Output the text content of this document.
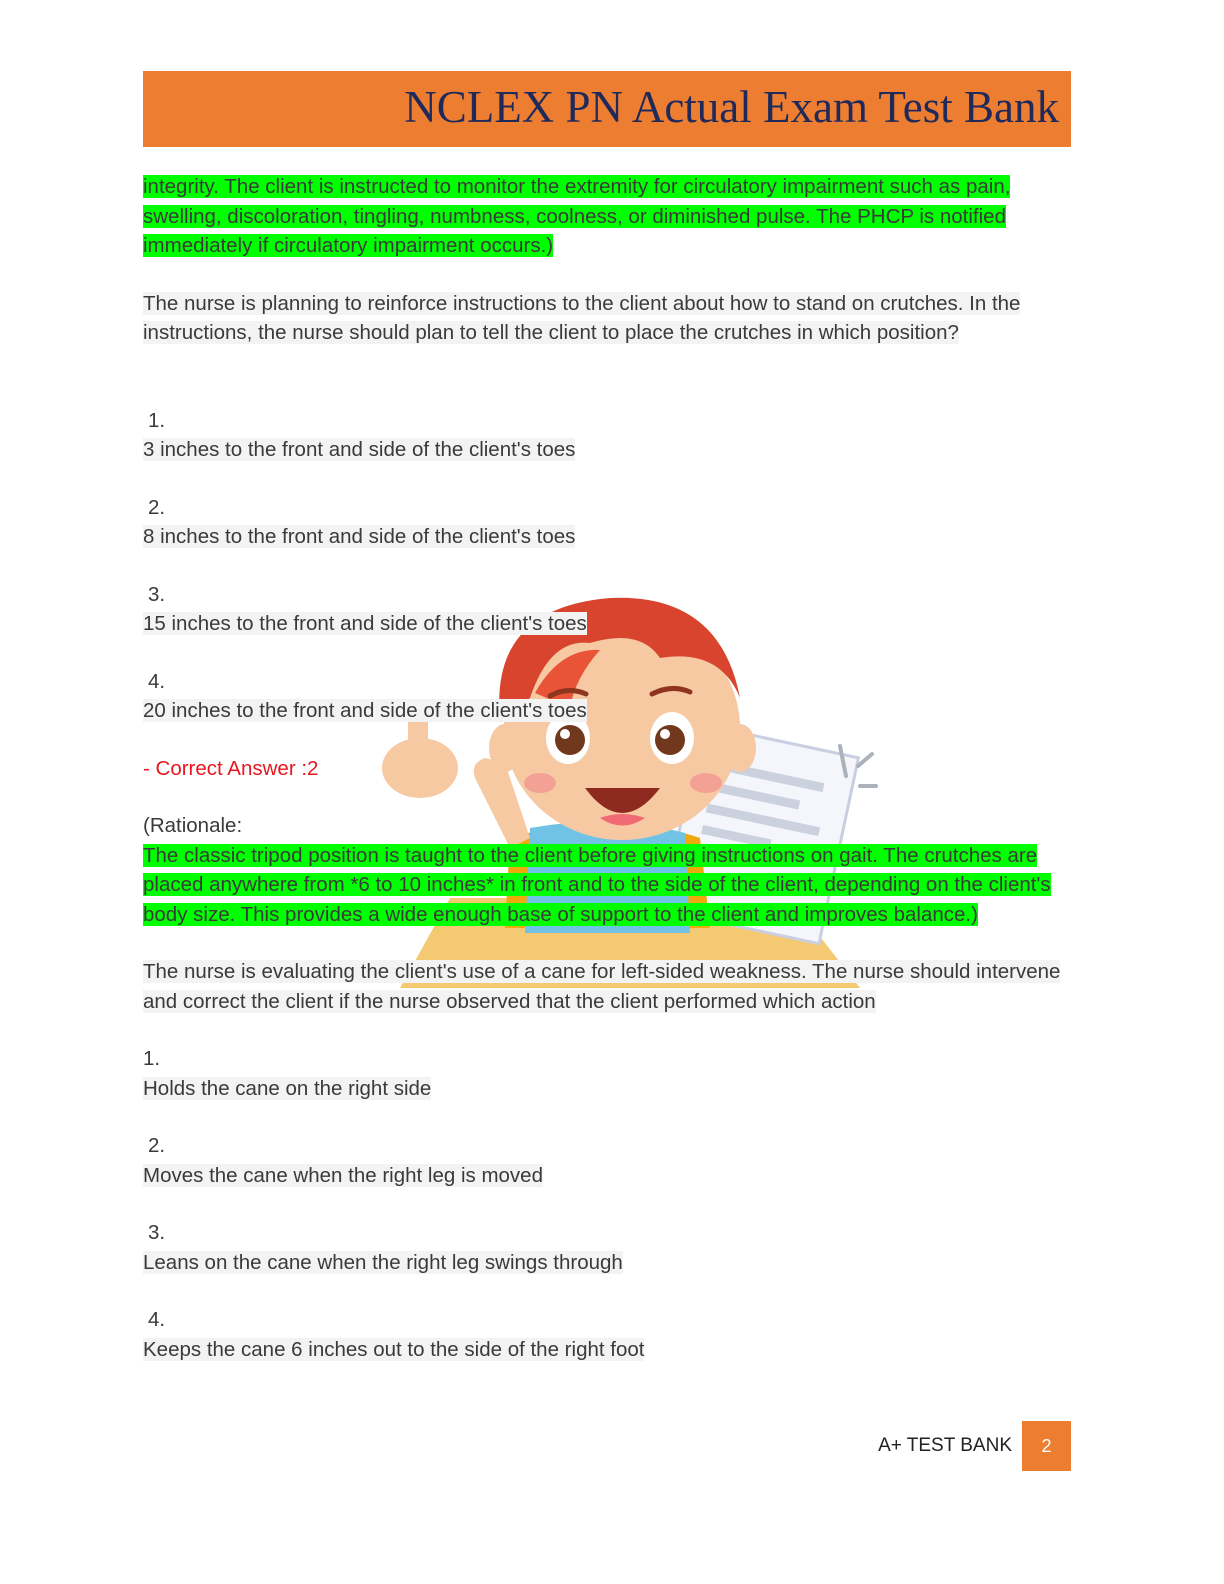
NCLEX PN Actual Exam Test Bank

integrity. The client is instructed to monitor the extremity for circulatory impairment such as pain, swelling, discoloration, tingling, numbness, coolness, or diminished pulse. The PHCP is notified immediately if circulatory impairment occurs.)

The nurse is planning to reinforce instructions to the client about how to stand on crutches. In the instructions, the nurse should plan to tell the client to place the crutches in which position?

1.

3 inches to the front and side of the client's toes

2.

8 inches to the front and side of the client's toes

3.

15 inches to the front and side of the client's toes

4.

20 inches to the front and side of the client's toes

- Correct Answer :2

(Rationale:

The classic tripod position is taught to the client before giving instructions on gait. The crutches are placed anywhere from *6 to 10 inches* in front and to the side of the client, depending on the client's body size. This provides a wide enough base of support to the client and improves balance.)

The nurse is evaluating the client's use of a cane for left-sided weakness. The nurse should intervene and correct the client if the nurse observed that the client performed which action

1.

Holds the cane on the right side

2.

Moves the cane when the right leg is moved

3.

Leans on the cane when the right leg swings through

4.

Keeps the cane 6 inches out to the side of the right foot

A+ TEST BANK	2
